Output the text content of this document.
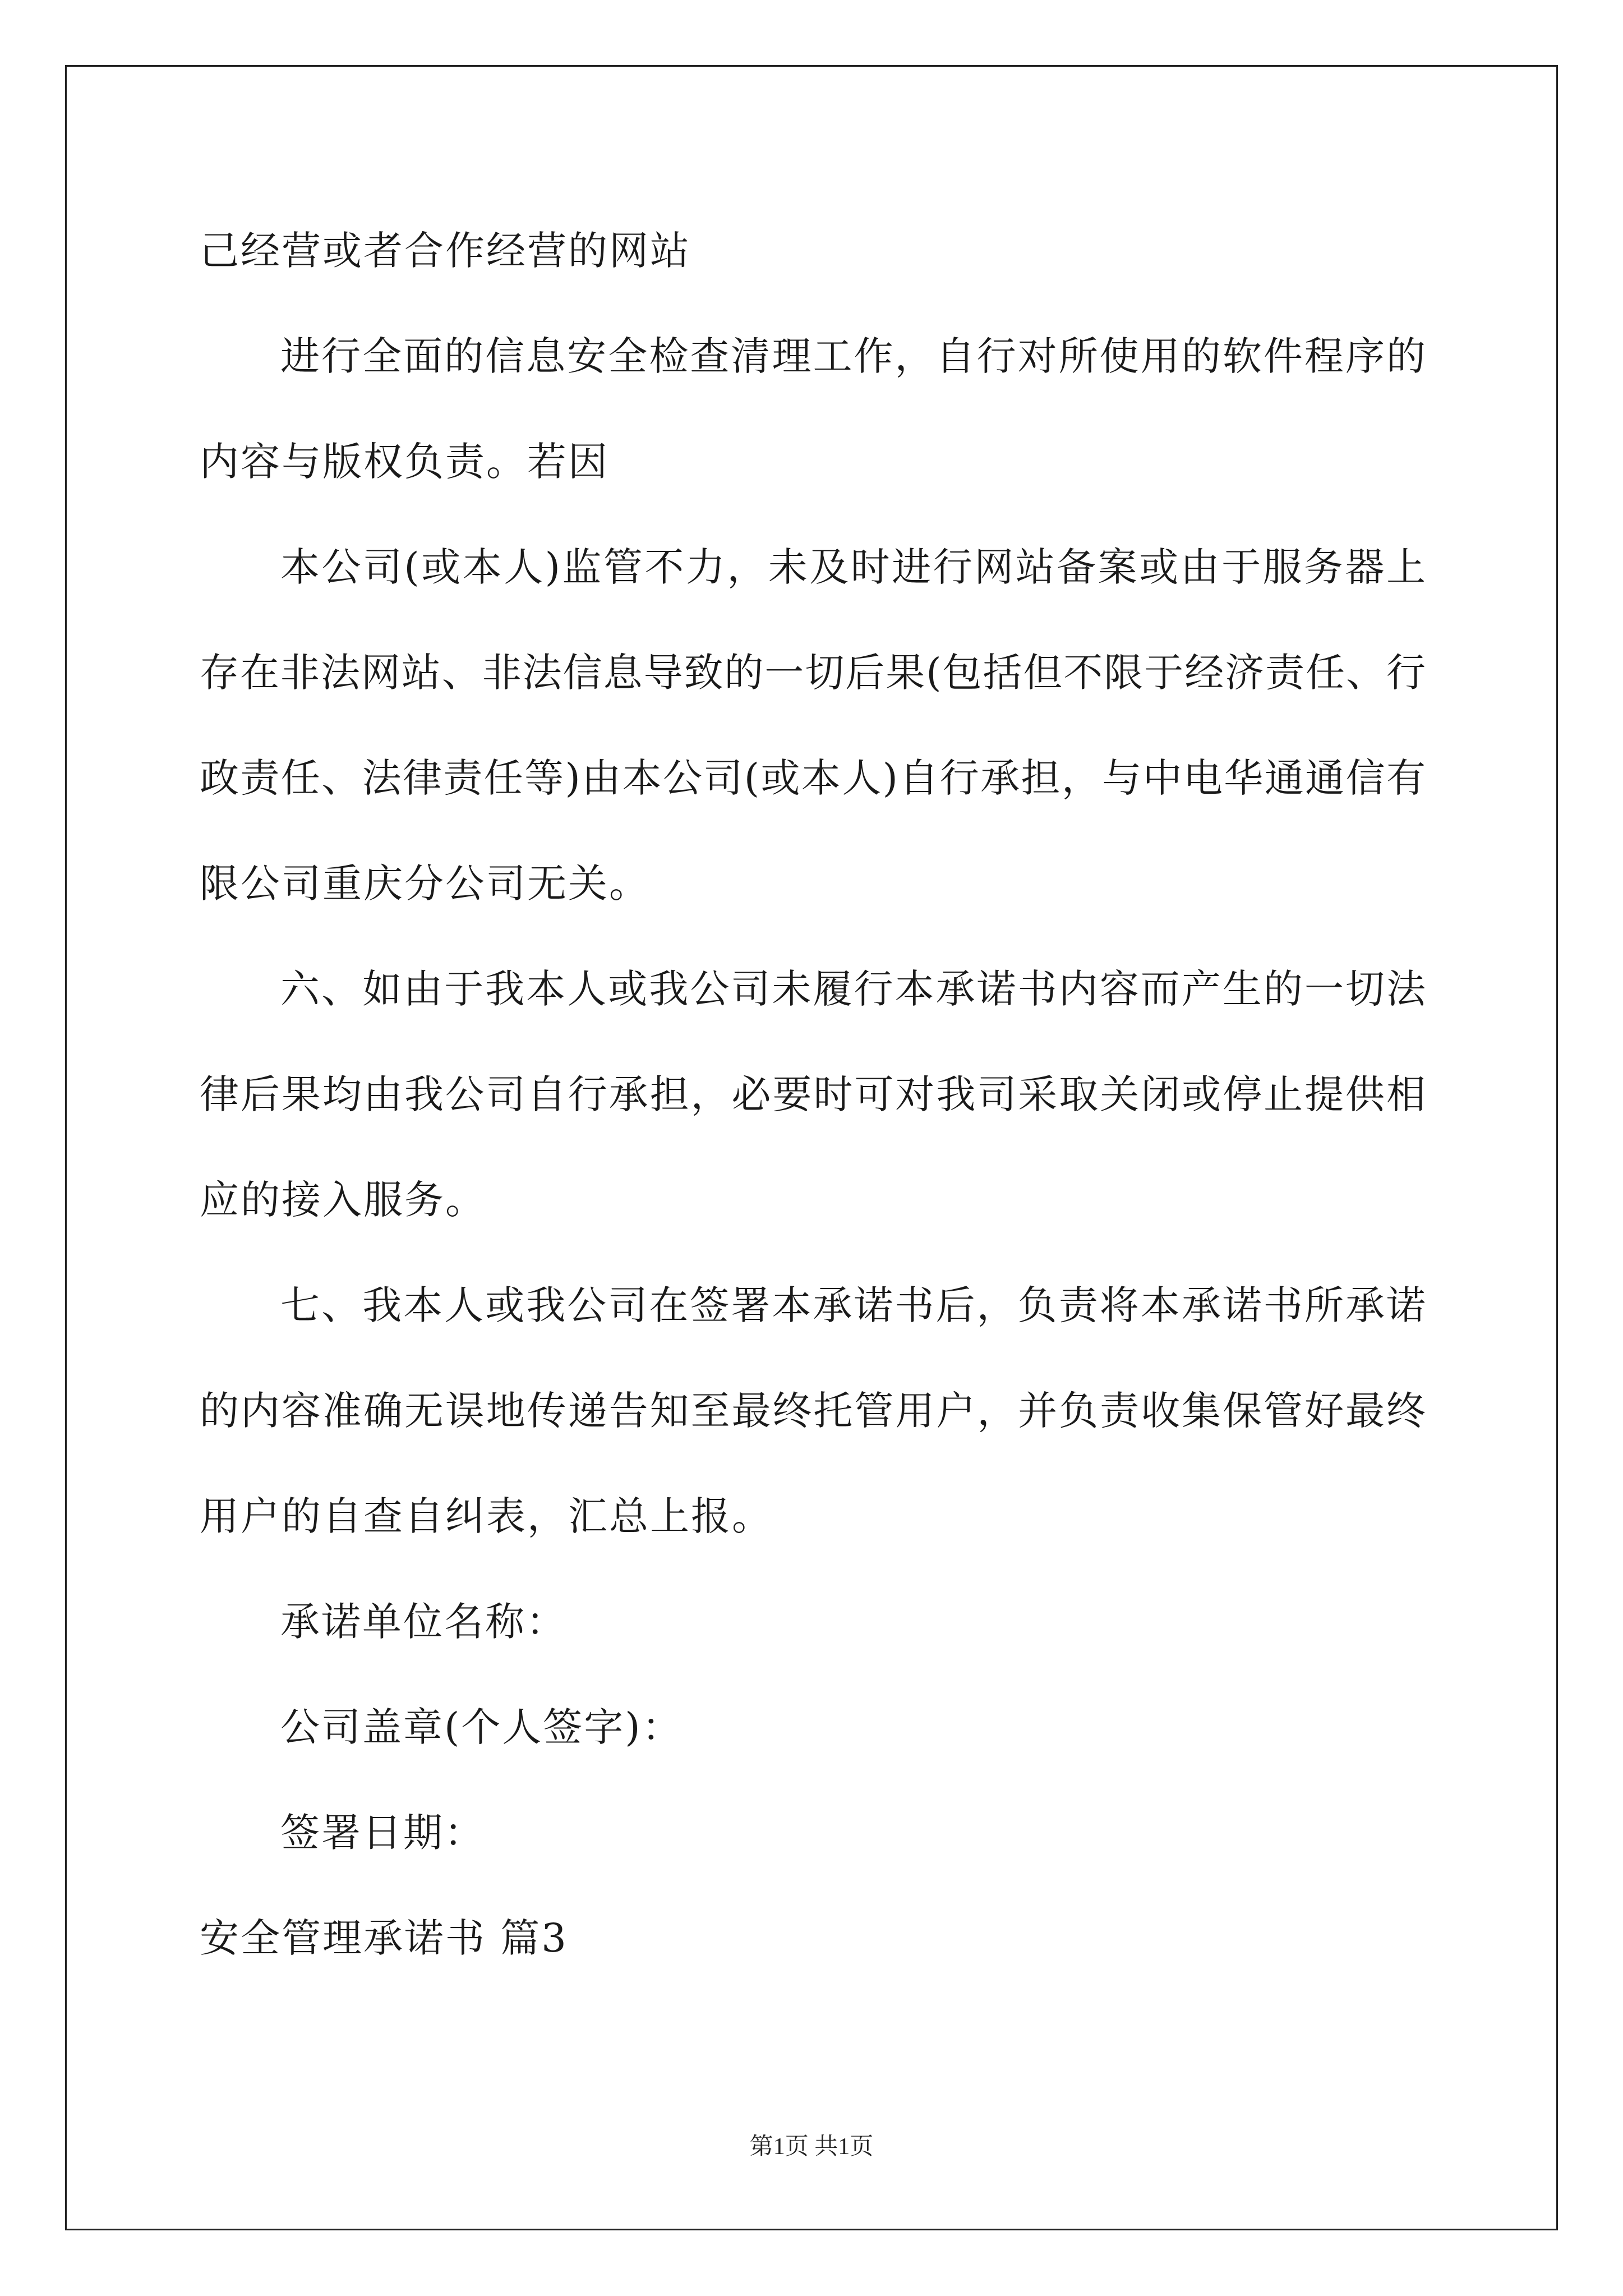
己经营或者合作经营的网站
进行全面的信息安全检查清理工作，自行对所使用的软件程序的
内容与版权负责。若因
本公司(或本人)监管不力，未及时进行网站备案或由于服务器上
存在非法网站、非法信息导致的一切后果(包括但不限于经济责任、行
政责任、法律责任等)由本公司(或本人)自行承担，与中电华通通信有
限公司重庆分公司无关。
六、如由于我本人或我公司未履行本承诺书内容而产生的一切法
律后果均由我公司自行承担，必要时可对我司采取关闭或停止提供相
应的接入服务。
七、我本人或我公司在签署本承诺书后，负责将本承诺书所承诺
的内容准确无误地传递告知至最终托管用户，并负责收集保管好最终
用户的自查自纠表，汇总上报。
承诺单位名称：
公司盖章(个人签字)：
签署日期：
安全管理承诺书 篇3
第1页 共1页
